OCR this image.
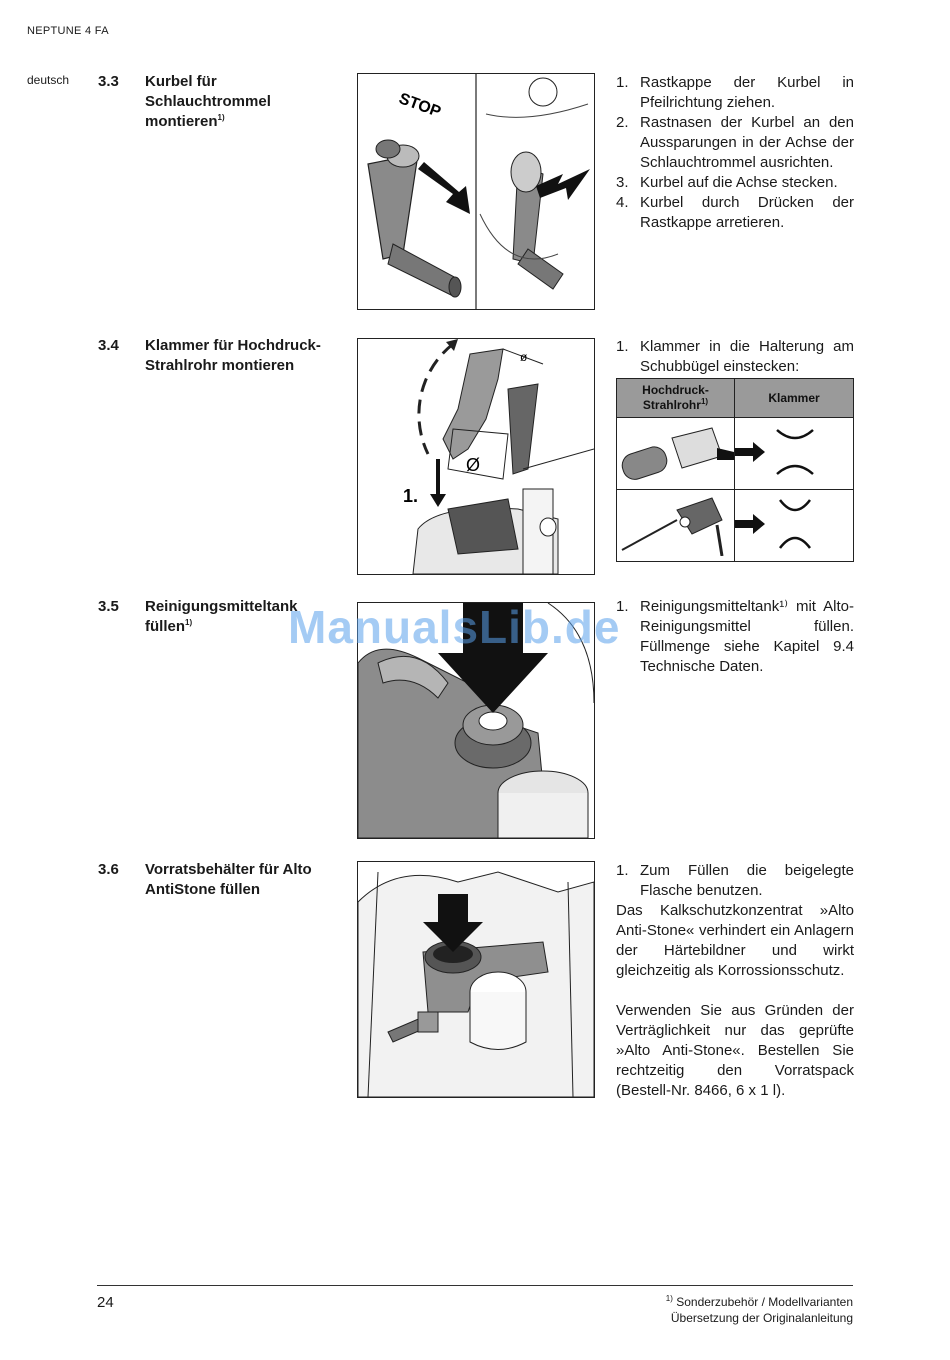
NEPTUNE 4 FA
deutsch 3.3 Kurbel für Schlauchtrommel montieren$^{1)}$	STOP
1. Rastkappe der Kurbel in Pfeilrichtung ziehen.
2. Rastnasen der Kurbel an den Aussparungen in der Achse der Schlauchtrommel ausrichten.
3. Kurbel auf die Achse stecken.
4. Kurbel durch Drücken der Rastkappe arretieren.
3.4 Klammer für Hochdruck-Strahlrohr montieren	ø
Ø
1.
1. Klammer in die Halterung am Schubbügel einstecken:
Hochdruck-Strahlrohr$^{1)}$	Klammer

3.5 Reinigungsmitteltank füllen$^{1)}$
1. Reinigungsmitteltank¹⁾ mit Alto-Reinigungsmittel füllen. Füllmenge siehe Kapitel 9.4 Technische Daten.
ManualsLib.de
3.6 Vorratsbehälter für Alto AntiStone füllen
1. Zum Füllen die beigelegte Flasche benutzen.

Das Kalkschutzkonzentrat »Alto Anti-Stone« verhindert ein Anlagern der Härtebildner und wirkt gleichzeitig als Korrossionsschutz.

Verwenden Sie aus Gründen der Verträglichkeit nur das geprüfte »Alto Anti-Stone«. Bestellen Sie rechtzeitig den Vorratspack (Bestell-Nr. 8466, 6 x 1 l).

24	$^{1)}$ Sonderzubehör / Modellvarianten
Übersetzung der Originalanleitung
